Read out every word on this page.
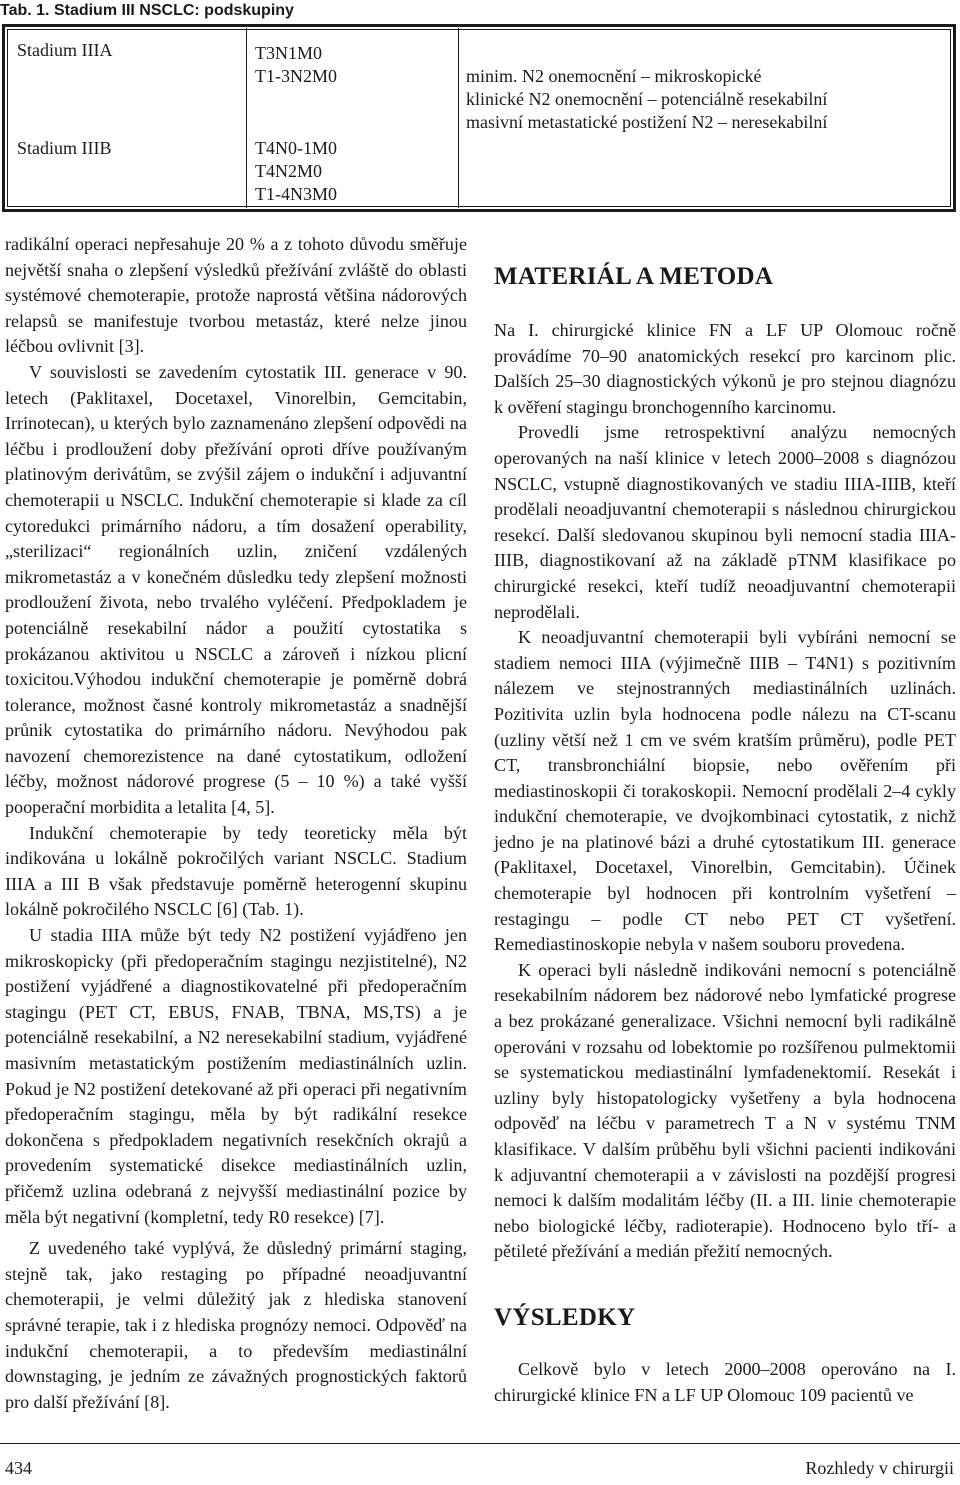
Tab. 1. Stadium III NSCLC: podskupiny
Stadium IIIA
Stadium IIIB
T3N1M0
T1-3N2M0
T4N0-1M0
T4N2M0
T1-4N3M0
minim. N2 onemocnění – mikroskopické
klinické N2 onemocnění – potenciálně resekabilní
masivní metastatické postižení N2 – neresekabilní

radikální operaci nepřesahuje 20 % a z tohoto důvodu směřuje největší snaha o zlepšení výsledků přežívání zvláště do oblasti systémové chemoterapie, protože naprostá většina nádorových relapsů se manifestuje tvorbou metastáz, které nelze jinou léčbou ovlivnit [3].

V souvislosti se zavedením cytostatik III. generace v 90. letech (Paklitaxel, Docetaxel, Vinorelbin, Gemcitabin, Irrinotecan), u kterých bylo zaznamenáno zlepšení odpovědi na léčbu i prodloužení doby přežívání oproti dříve používaným platinovým derivátům, se zvýšil zájem o indukční i adjuvantní chemoterapii u NSCLC. Indukční chemoterapie si klade za cíl cytoredukci primárního nádoru, a tím dosažení operability, „sterilizaci“ regionálních uzlin, zničení vzdálených mikrometastáz a v konečném důsledku tedy zlepšení možnosti prodloužení života, nebo trvalého vyléčení. Předpokladem je potenciálně resekabilní nádor a použití cytostatika s prokázanou aktivitou u NSCLC a zároveň i nízkou plicní toxicitou.Výhodou indukční chemoterapie je poměrně dobrá tolerance, možnost časné kontroly mikrometastáz a snadnější průnik cytostatika do primárního nádoru. Nevýhodou pak navození chemorezistence na dané cytostatikum, odložení léčby, možnost nádorové progrese (5 – 10 %) a také vyšší pooperační morbidita a letalita [4, 5].

Indukční chemoterapie by tedy teoreticky měla být indikována u lokálně pokročilých variant NSCLC. Stadium IIIA a III B však představuje poměrně heterogenní skupinu lokálně pokročilého NSCLC [6] (Tab. 1).

U stadia IIIA může být tedy N2 postižení vyjádřeno jen mikroskopicky (při předoperačním stagingu nezjistitelné), N2 postižení vyjádřené a diagnostikovatelné při předoperačním stagingu (PET CT, EBUS, FNAB, TBNA, MS,TS) a je potenciálně resekabilní, a N2 neresekabilní stadium, vyjádřené masivním metastatickým postižením mediastinálních uzlin. Pokud je N2 postižení detekované až při operaci při negativním předoperačním stagingu, měla by být radikální resekce dokončena s předpokladem negativních resekčních okrajů a provedením systematické disekce mediastinálních uzlin, přičemž uzlina odebraná z nejvyšší mediastinální pozice by měla být negativní (kompletní, tedy R0 resekce) [7].

Z uvedeného také vyplývá, že důsledný primární staging, stejně tak, jako restaging po případné neoadjuvantní chemoterapii, je velmi důležitý jak z hlediska stanovení správné terapie, tak i z hlediska prognózy nemoci. Odpověď na indukční chemoterapii, a to především mediastinální downstaging, je jedním ze závažných prognostických faktorů pro další přežívání [8].

MATERIÁL A METODA

Na I. chirurgické klinice FN a LF UP Olomouc ročně provádíme 70–90 anatomických resekcí pro karcinom plic. Dalších 25–30 diagnostických výkonů je pro stejnou diagnózu k ověření stagingu bronchogenního karcinomu.

Provedli jsme retrospektivní analýzu nemocných operovaných na naší klinice v letech 2000–2008 s diagnózou NSCLC, vstupně diagnostikovaných ve stadiu IIIA-IIIB, kteří prodělali neoadjuvantní chemoterapii s následnou chirurgickou resekcí. Další sledovanou skupinou byli nemocní stadia IIIA-IIIB, diagnostikovaní až na základě pTNM klasifikace po chirurgické resekci, kteří tudíž neoadjuvantní chemoterapii neprodělali.

K neoadjuvantní chemoterapii byli vybíráni nemocní se stadiem nemoci IIIA (výjimečně IIIB – T4N1) s pozitivním nálezem ve stejnostranných mediastinálních uzlinách. Pozitivita uzlin byla hodnocena podle nálezu na CT-scanu (uzliny větší než 1 cm ve svém kratším průměru), podle PET CT, transbronchiální biopsie, nebo ověřením při mediastinoskopii či torakoskopii. Nemocní prodělali 2–4 cykly indukční chemoterapie, ve dvojkombinaci cytostatik, z nichž jedno je na platinové bázi a druhé cytostatikum III. generace (Paklitaxel, Docetaxel, Vinorelbin, Gemcitabin). Účinek chemoterapie byl hodnocen při kontrolním vyšetření – restagingu – podle CT nebo PET CT vyšetření. Remediastinoskopie nebyla v našem souboru provedena.

K operaci byli následně indikováni nemocní s potenciálně resekabilním nádorem bez nádorové nebo lymfatické progrese a bez prokázané generalizace. Všichni nemocní byli radikálně operováni v rozsahu od lobektomie po rozšířenou pulmektomii se systematickou mediastinální lymfadenektomií. Resekát i uzliny byly histopatologicky vyšetřeny a byla hodnocena odpověď na léčbu v parametrech T a N v systému TNM klasifikace. V dalším průběhu byli všichni pacienti indikováni k adjuvantní chemoterapii a v závislosti na pozdější progresi nemoci k dalším modalitám léčby (II. a III. linie chemoterapie nebo biologické léčby, radioterapie). Hodnoceno bylo tří- a pětileté přežívání a medián přežití nemocných.

VÝSLEDKY

Celkově bylo v letech 2000–2008 operováno na I. chirurgické klinice FN a LF UP Olomouc 109 pacientů ve

434	Rozhledy v chirurgii
